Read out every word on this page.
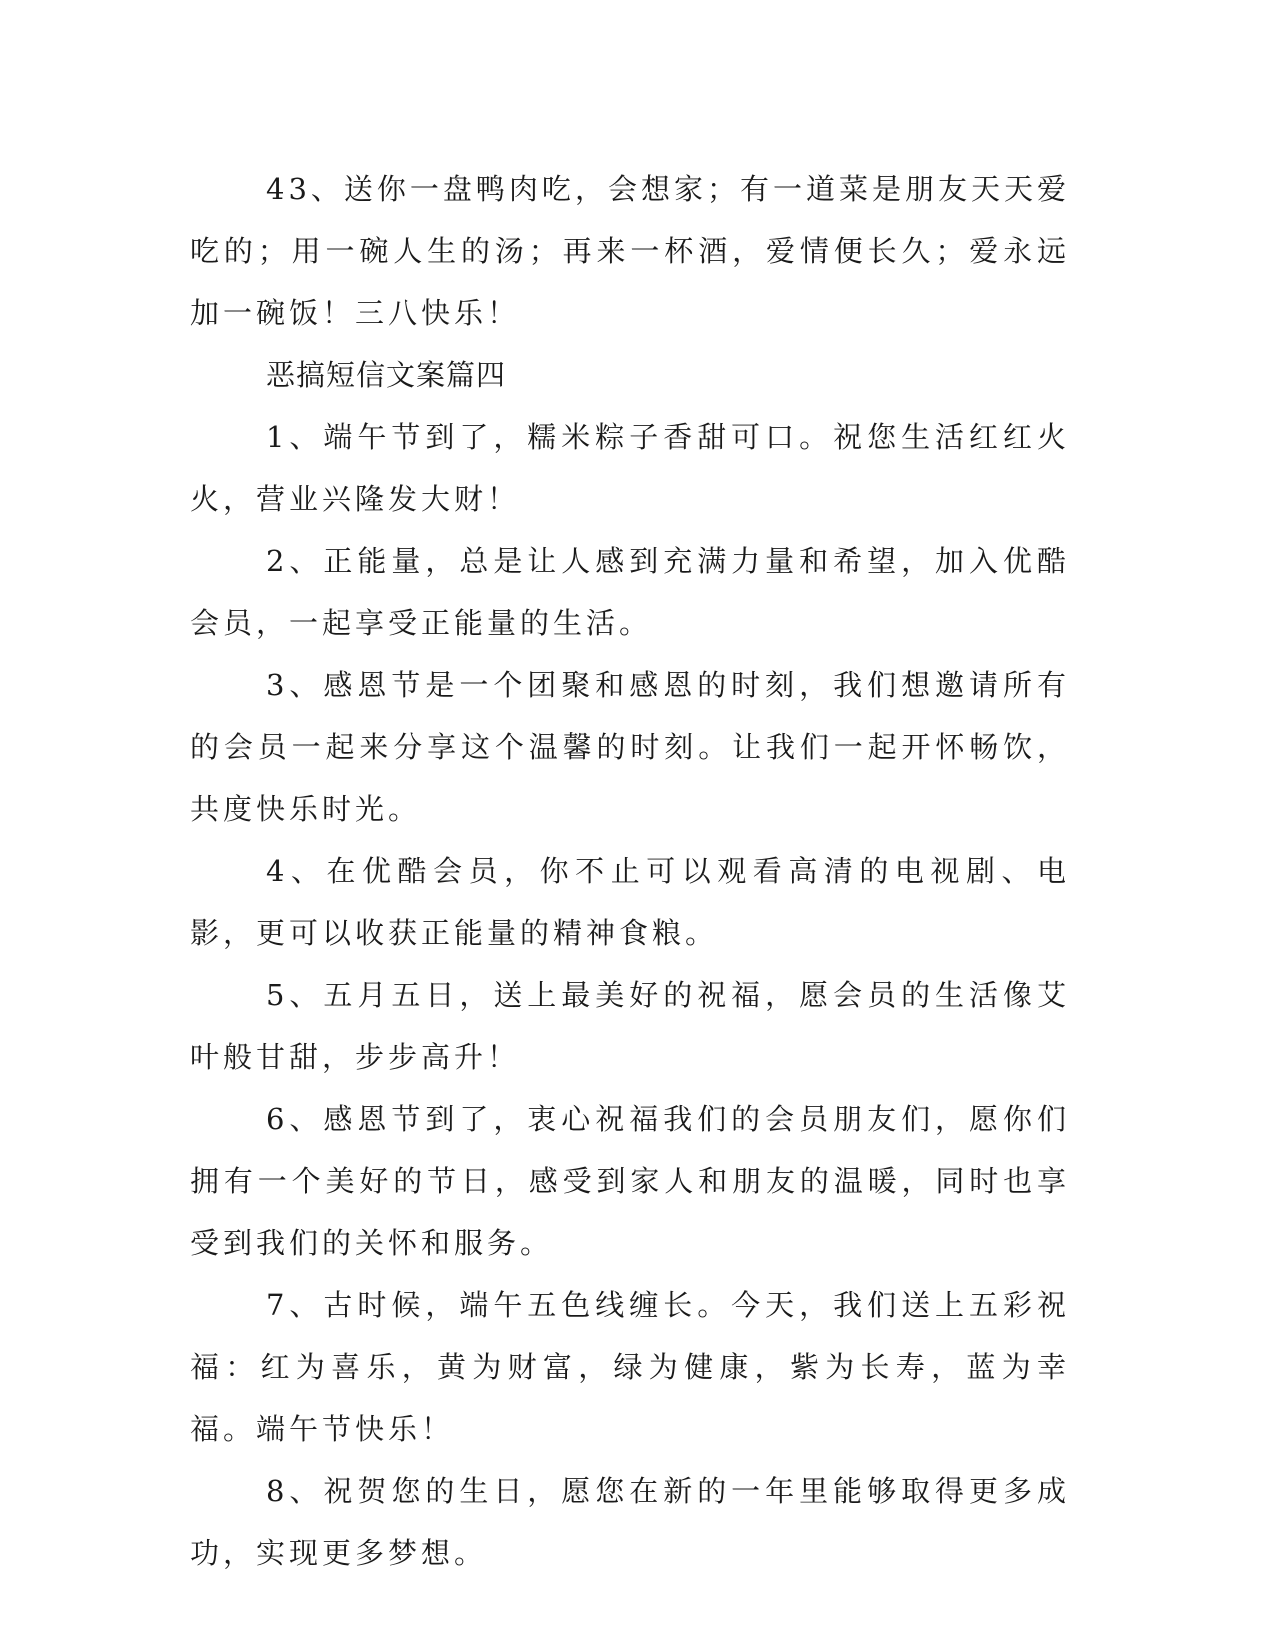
43、送你一盘鸭肉吃，会想家；有一道菜是朋友天天爱吃的；用一碗人生的汤；再来一杯酒，爱情便长久；爱永远加一碗饭！三八快乐！

恶搞短信文案篇四

1、端午节到了，糯米粽子香甜可口。祝您生活红红火火，营业兴隆发大财！

2、正能量，总是让人感到充满力量和希望，加入优酷会员，一起享受正能量的生活。

3、感恩节是一个团聚和感恩的时刻，我们想邀请所有的会员一起来分享这个温馨的时刻。让我们一起开怀畅饮，共度快乐时光。

4、在优酷会员，你不止可以观看高清的电视剧、电影，更可以收获正能量的精神食粮。

5、五月五日，送上最美好的祝福，愿会员的生活像艾叶般甘甜，步步高升！

6、感恩节到了，衷心祝福我们的会员朋友们，愿你们拥有一个美好的节日，感受到家人和朋友的温暖，同时也享受到我们的关怀和服务。

7、古时候，端午五色线缠长。今天，我们送上五彩祝福：红为喜乐，黄为财富，绿为健康，紫为长寿，蓝为幸福。端午节快乐！

8、祝贺您的生日，愿您在新的一年里能够取得更多成功，实现更多梦想。
